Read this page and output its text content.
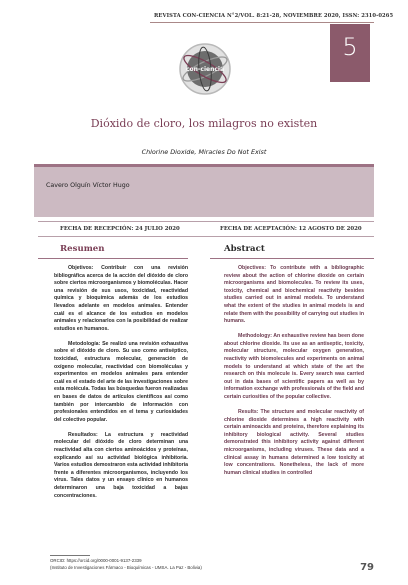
REVISTA CON-CIENCIA N°2/VOL. 8:21-28, NOVIEMBRE 2020, ISSN: 2310-0265
5
con-ciencia
Dióxido de cloro, los milagros no existen
Chlorine Dioxide, Miracles Do Not Exist
Cavero Olguín Víctor Hugo
FECHA DE RECEPCIÓN: 24 JULIO 2020	FECHA DE ACEPTACIÓN: 12 AGOSTO DE 2020
Resumen	Abstract

Objetivos: Contribuir con una revisión bibliográfica acerca de la acción del dióxido de cloro sobre ciertos microorganismos y biomoléculas. Hacer una revisión de sus usos, toxicidad, reactividad química y bioquímica además de los estudios llevados adelante en modelos animales. Entender cuál es el alcance de los estudios en modelos animales y relacionarlos con la posibilidad de realizar estudios en humanos.

Metodología: Se realizó una revisión exhaustiva sobre el dióxido de cloro. Su uso como antiséptico, toxicidad, estructura molecular, generación de oxígeno molecular, reactividad con biomoléculas y experimentos en modelos animales para entender cuál es el estado del arte de las investigaciones sobre esta molécula. Todas las búsquedas fueron realizadas en bases de datos de artículos científicos así como también por intercambio de información con profesionales entendidos en el tema y curiosidades del colectivo popular.

Resultados: La estructura y reactividad molecular del dióxido de cloro determinan una reactividad alta con ciertos aminoácidos y proteínas, explicando así su actividad biológica inhibitoria. Varios estudios demostraron esta actividad inhibitoria frente a diferentes microorganismos, incluyendo los virus. Tales datos y un ensayo clínico en humanos determinaron una baja toxicidad a bajas concentraciones.

Objectives: To contribute with a bibliographic review about the action of chlorine dioxide on certain microorganisms and biomolecules. To review its uses, toxicity, chemical and biochemical reactivity besides studies carried out in animal models. To understand what the extent of the studies in animal models is and relate them with the possibility of carrying out studies in humans.

Methodology: An exhaustive review has been done about chlorine dioxide. Its use as an antiseptic, toxicity, molecular structure, molecular oxygen generation, reactivity with biomolecules and experiments on animal models to understand at which state of the art the research on this molecule is. Every search was carried out in data bases of scientific papers as well as by information exchange with professionals of the field and certain curiosities of the popular collective.

Results: The structure and molecular reactivity of chlorine dioxide determines a high reactivity with certain aminoacids and proteins, therefore explaining its inhibitory biological activity. Several studies demonstrated this inhibitory activity against different microorganisms, including viruses. These data and a clinical assay in humans determined a low toxicity at low concentrations. Nonetheless, the lack of more human clinical studies in controlled

ORCID: https://orcid.org/0000-0001-9137-2339
(Instituto de Investigaciones Fármaco - Bioquímicas - UMSA. La Paz - Bolivia)	79
